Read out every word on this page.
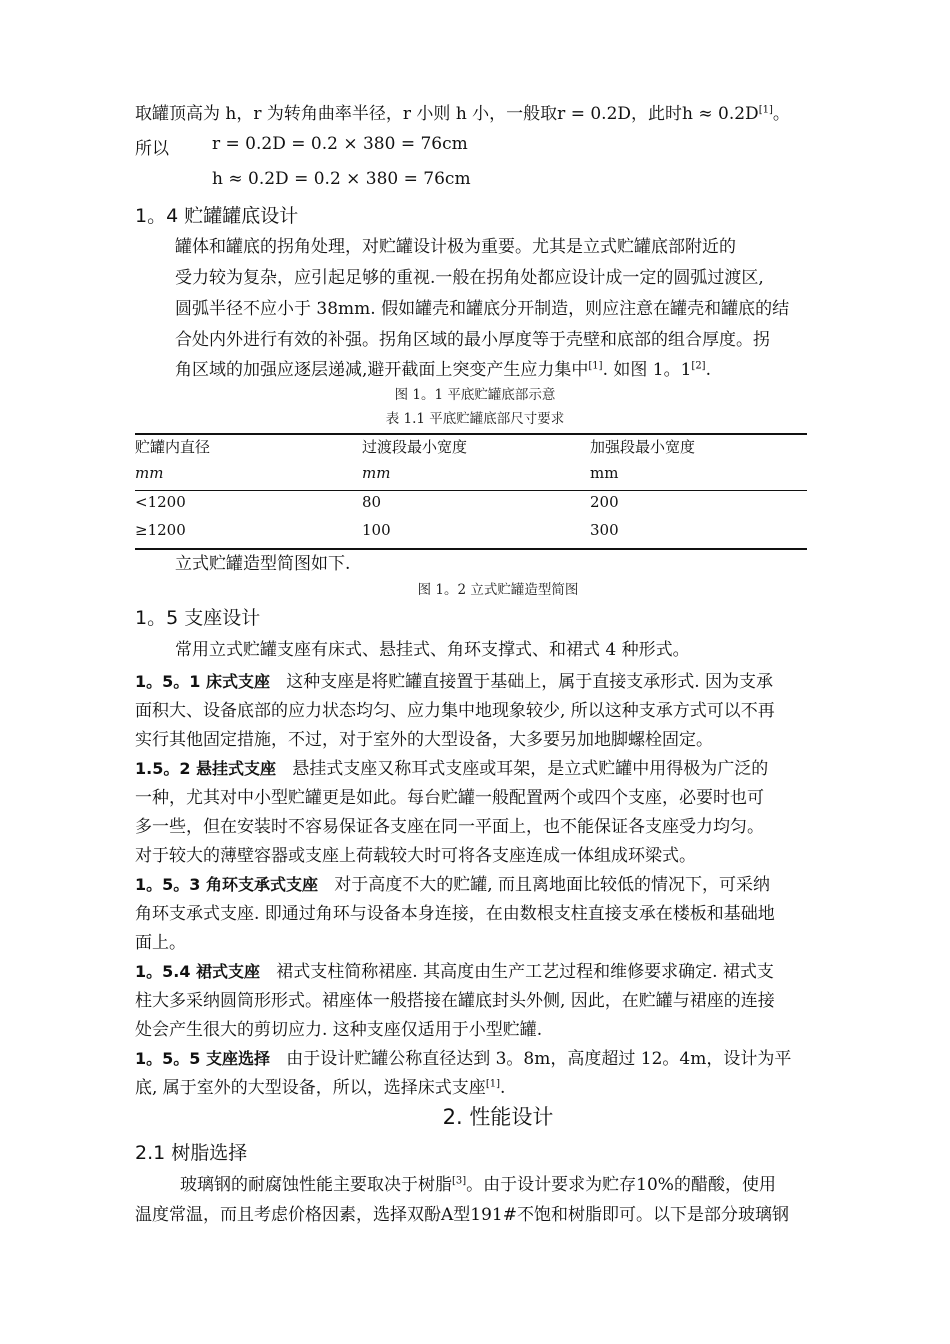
取罐顶高为 h，r 为转角曲率半径，r 小则 h 小，一般取r = 0.2D，此时h ≈ 0.2D[1]。
所以	r = 0.2D = 0.2 × 380 = 76cm
h ≈ 0.2D = 0.2 × 380 = 76cm
1。4 贮罐罐底设计
罐体和罐底的拐角处理，对贮罐设计极为重要。尤其是立式贮罐底部附近的
受力较为复杂，应引起足够的重视.一般在拐角处都应设计成一定的圆弧过渡区,
圆弧半径不应小于 38mm. 假如罐壳和罐底分开制造，则应注意在罐壳和罐底的结
合处内外进行有效的补强。拐角区域的最小厚度等于壳壁和底部的组合厚度。拐
角区域的加强应逐层递减,避开截面上突变产生应力集中[1]. 如图 1。1[2].
图 1。1 平底贮罐底部示意
表 1.1 平底贮罐底部尺寸要求
贮罐内直径	过渡段最小宽度	加强段最小宽度
mm	mm	mm
<1200	80	200
≥1200	100	300
立式贮罐造型简图如下.
图 1。2 立式贮罐造型简图
1。5 支座设计
常用立式贮罐支座有床式、悬挂式、角环支撑式、和裙式 4 种形式。
1。5。1 床式支座 这种支座是将贮罐直接置于基础上，属于直接支承形式. 因为支承
面积大、设备底部的应力状态均匀、应力集中地现象较少, 所以这种支承方式可以不再
实行其他固定措施，不过，对于室外的大型设备，大多要另加地脚螺栓固定。
1.5。2 悬挂式支座 悬挂式支座又称耳式支座或耳架，是立式贮罐中用得极为广泛的
一种，尤其对中小型贮罐更是如此。每台贮罐一般配置两个或四个支座，必要时也可
多一些，但在安装时不容易保证各支座在同一平面上，也不能保证各支座受力均匀。
对于较大的薄壁容器或支座上荷载较大时可将各支座连成一体组成环梁式。
1。5。3 角环支承式支座 对于高度不大的贮罐, 而且离地面比较低的情况下，可采纳
角环支承式支座. 即通过角环与设备本身连接，在由数根支柱直接支承在楼板和基础地
面上。
1。5.4 裙式支座 裙式支柱简称裙座. 其高度由生产工艺过程和维修要求确定. 裙式支
柱大多采纳圆筒形形式。裙座体一般搭接在罐底封头外侧, 因此，在贮罐与裙座的连接
处会产生很大的剪切应力. 这种支座仅适用于小型贮罐.
1。5。5 支座选择 由于设计贮罐公称直径达到 3。8m，高度超过 12。4m，设计为平
底, 属于室外的大型设备，所以，选择床式支座[1].
2. 性能设计
2.1 树脂选择
玻璃钢的耐腐蚀性能主要取决于树脂[3]。由于设计要求为贮存10%的醋酸，使用
温度常温，而且考虑价格因素，选择双酚A型191#不饱和树脂即可。以下是部分玻璃钢
